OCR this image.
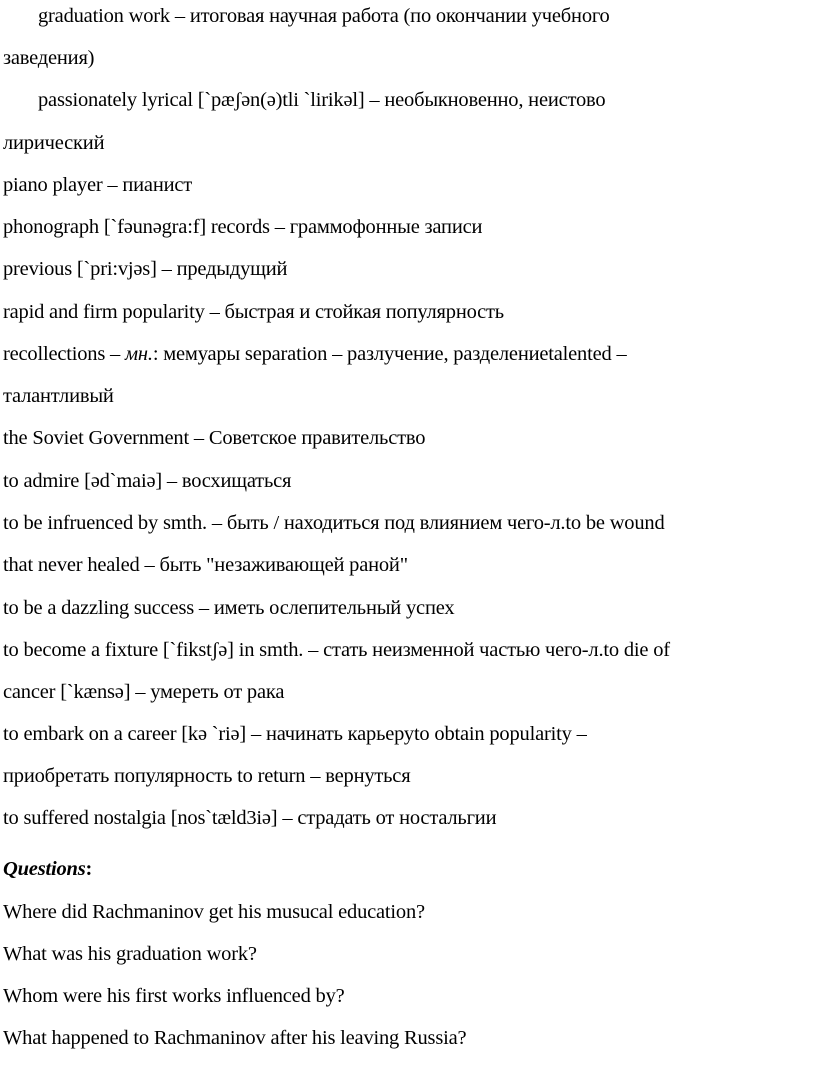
graduation work – итоговая научная работа (по окончании учебного
заведения)
passionately lyrical [`pæʃən(ə)tli `lirikəl] – необыкновенно, неистово
лирический
piano player – пианист
phonograph [`fəunəgra:f] records – граммофонные записи
previous [`pri:vjəs] – предыдущий
rapid and firm popularity – быстрая и стойкая популярность
recollections – мн.: мемуары separation – разлучение, разделениеtalented –
талантливый
the Soviet Government – Советское правительство
to admire [əd`maiə] – восхищаться
to be infruenced by smth. – быть / находиться под влиянием чего-л.to be wound
that never healed – быть "незаживающей раной"
to be a dazzling success – иметь ослепительный успех
to become a fixture [`fikstʃə] in smth. – стать неизменной частью чего-л.to die of
cancer [`kænsə] – умереть от рака
to embark on a career [kə `riə] – начинать карьеруto obtain popularity –
приобретать популярность to return – вернуться
to suffered nostalgia [nos`tæld3iə] – страдать от ностальгии
Questions:
Where did Rachmaninov get his musucal education?
What was his graduation work?
Whom were his first works influenced by?
What happened to Rachmaninov after his leaving Russia?
